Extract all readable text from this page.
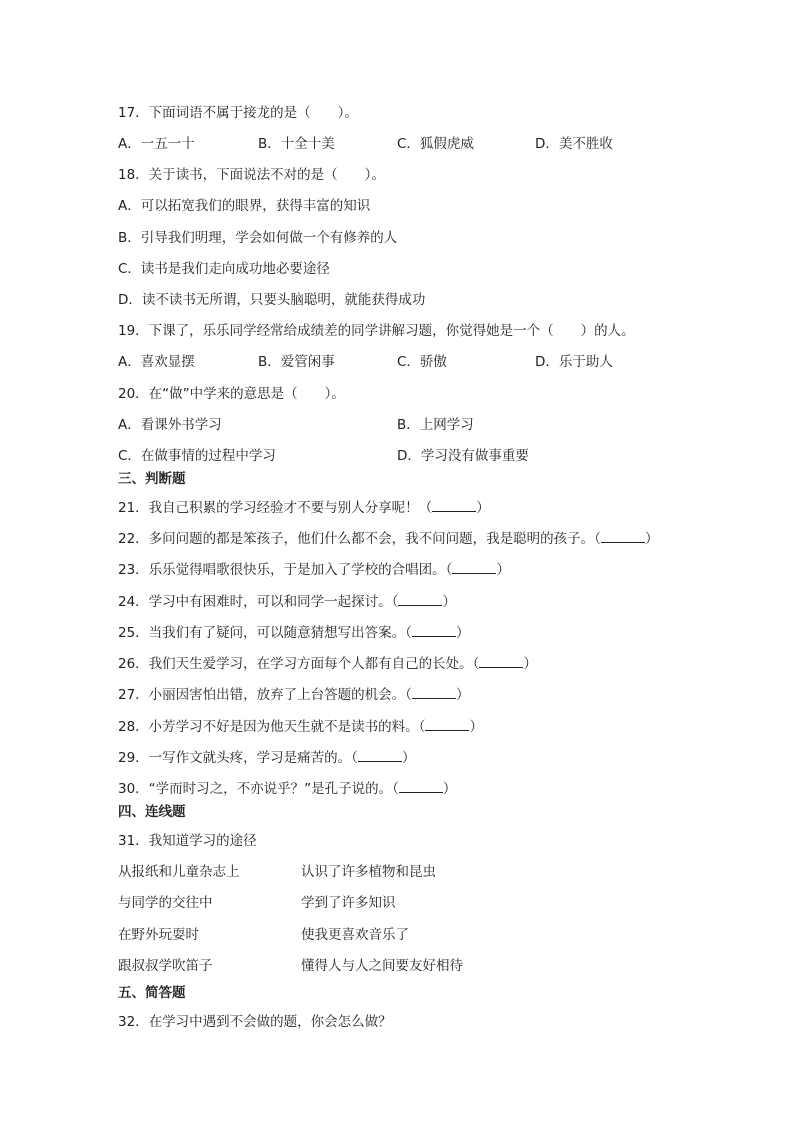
17．下面词语不属于接龙的是（　　）。
A．一五一十	B．十全十美	C．狐假虎威	D．美不胜收
18．关于读书，下面说法不对的是（　　）。
A．可以拓宽我们的眼界，获得丰富的知识
B．引导我们明理，学会如何做一个有修养的人
C．读书是我们走向成功地必要途径
D．读不读书无所谓，只要头脑聪明，就能获得成功
19．下课了，乐乐同学经常给成绩差的同学讲解习题，你觉得她是一个（　　）的人。
A．喜欢显摆	B．爱管闲事	C．骄傲	D．乐于助人
20．在“做”中学来的意思是（　　）。
A．看课外书学习	B．上网学习
C．在做事情的过程中学习	D．学习没有做事重要
三、判断题
21．我自己积累的学习经验才不要与别人分享呢！（	）
22．多问问题的都是笨孩子，他们什么都不会，我不问问题，我是聪明的孩子。（	）
23．乐乐觉得唱歌很快乐，于是加入了学校的合唱团。（	）
24．学习中有困难时，可以和同学一起探讨。（	）
25．当我们有了疑问，可以随意猜想写出答案。（	）
26．我们天生爱学习，在学习方面每个人都有自己的长处。（	）
27．小丽因害怕出错，放弃了上台答题的机会。（	）
28．小芳学习不好是因为他天生就不是读书的料。（	）
29．一写作文就头疼，学习是痛苦的。（	）
30．“学而时习之，不亦说乎？”是孔子说的。（	）
四、连线题
31．我知道学习的途径
从报纸和儿童杂志上	认识了许多植物和昆虫
与同学的交往中	学到了许多知识
在野外玩耍时	使我更喜欢音乐了
跟叔叔学吹笛子	懂得人与人之间要友好相待
五、简答题
32．在学习中遇到不会做的题，你会怎么做？
